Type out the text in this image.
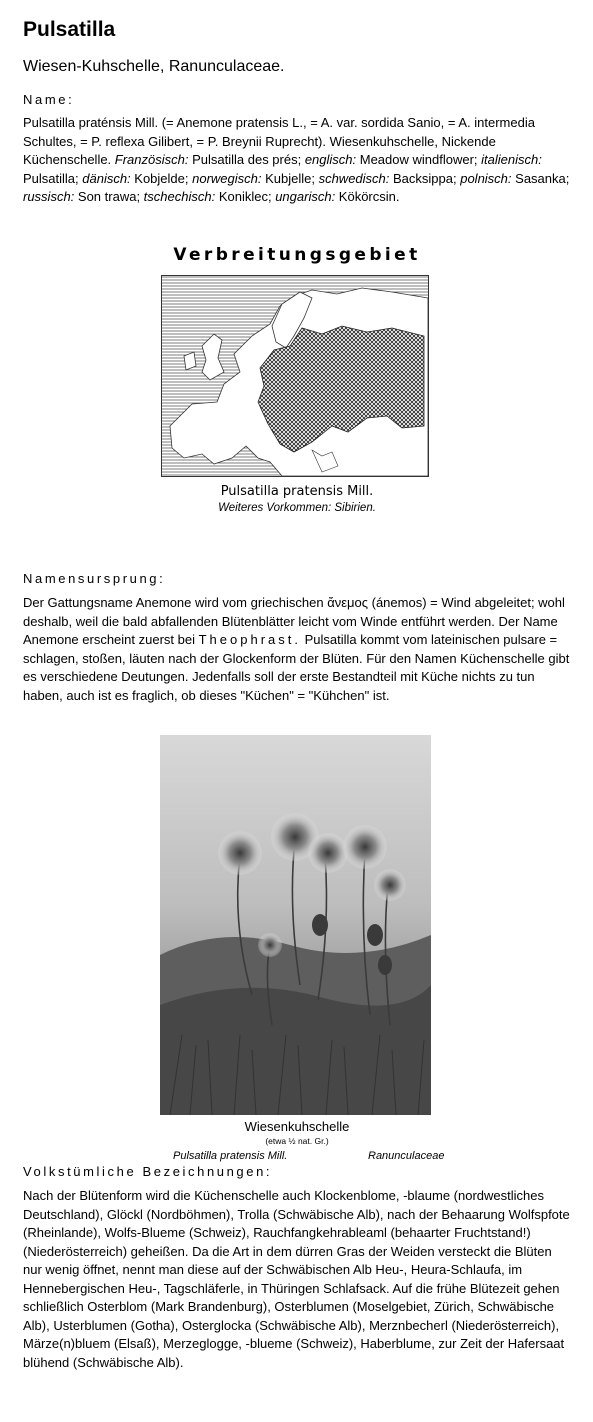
Pulsatilla
Wiesen-Kuhschelle, Ranunculaceae.
Name:
Pulsatilla praténsis Mill. (= Anemone pratensis L., = A. var. sordida Sanio, = A. intermedia Schultes, = P. reflexa Gilibert, = P. Breynii Ruprecht). Wiesenkuhschelle, Nickende Küchenschelle. Französisch: Pulsatilla des prés; englisch: Meadow windflower; italienisch: Pulsatilla; dänisch: Kobjelde; norwegisch: Kubjelle; schwedisch: Backsippa; polnisch: Sasanka; russisch: Son trawa; tschechisch: Koniklec; ungarisch: Kökörcsin.
Verbreitungsgebiet
Pulsatilla pratensis Mill.
Weiteres Vorkommen: Sibirien.
Namensursprung:
Der Gattungsname Anemone wird vom griechischen ἄνεμος (ánemos) = Wind abgeleitet; wohl deshalb, weil die bald abfallenden Blütenblätter leicht vom Winde entführt werden. Der Name Anemone erscheint zuerst bei Theophrast. Pulsatilla kommt vom lateinischen pulsare = schlagen, stoßen, läuten nach der Glockenform der Blüten. Für den Namen Küchenschelle gibt es verschiedene Deutungen. Jedenfalls soll der erste Bestandteil mit Küche nichts zu tun haben, auch ist es fraglich, ob dieses "Küchen" = "Kühchen" ist.
Wiesenkuhschelle
(etwa ½ nat. Gr.)
Pulsatilla pratensis Mill.	Ranunculaceae
Volkstümliche Bezeichnungen:
Nach der Blütenform wird die Küchenschelle auch Klockenblome, -blaume (nordwestliches Deutschland), Glöckl (Nordböhmen), Trolla (Schwäbische Alb), nach der Behaarung Wolfspfote (Rheinlande), Wolfs-Blueme (Schweiz), Rauchfangkehrableaml (behaarter Fruchtstand!) (Niederösterreich) geheißen. Da die Art in dem dürren Gras der Weiden versteckt die Blüten nur wenig öffnet, nennt man diese auf der Schwäbischen Alb Heu-, Heura-Schlaufa, im Hennebergischen Heu-, Tagschläferle, in Thüringen Schlafsack. Auf die frühe Blütezeit gehen schließlich Osterblom (Mark Brandenburg), Osterblumen (Moselgebiet, Zürich, Schwäbische Alb), Usterblumen (Gotha), Osterglocka (Schwäbische Alb), Merznbecherl (Niederösterreich), Märze(n)bluem (Elsaß), Merzeglogge, -blueme (Schweiz), Haberblume, zur Zeit der Hafersaat blühend (Schwäbische Alb).
